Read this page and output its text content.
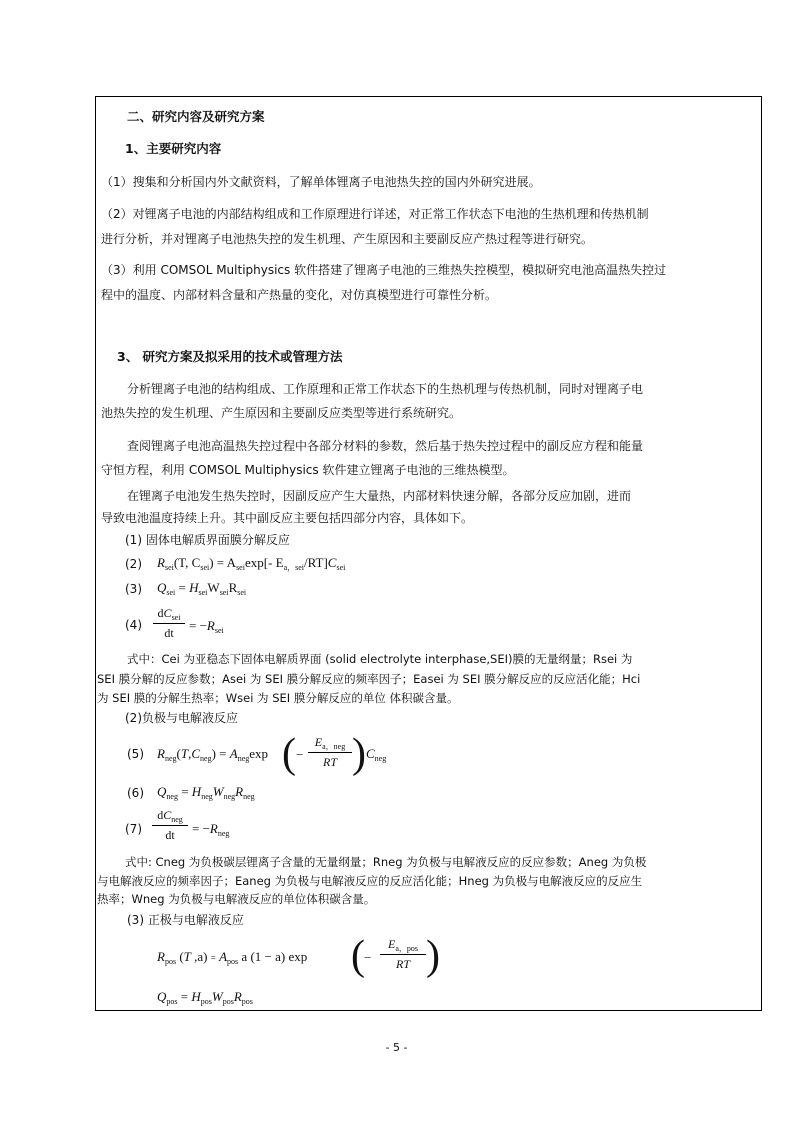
二、研究内容及研究方案
1、主要研究内容
（1）搜集和分析国内外文献资料，了解单体锂离子电池热失控的国内外研究进展。
（2）对锂离子电池的内部结构组成和工作原理进行详述，对正常工作状态下电池的生热机理和传热机制
进行分析，并对锂离子电池热失控的发生机理、产生原因和主要副反应产热过程等进行研究。
（3）利用 COMSOL Multiphysics 软件搭建了锂离子电池的三维热失控模型，模拟研究电池高温热失控过
程中的温度、内部材料含量和产热量的变化，对仿真模型进行可靠性分析。
3、 研究方案及拟采用的技术或管理方法
分析锂离子电池的结构组成、工作原理和正常工作状态下的生热机理与传热机制，同时对锂离子电
池热失控的发生机理、产生原因和主要副反应类型等进行系统研究。
查阅锂离子电池高温热失控过程中各部分材料的参数，然后基于热失控过程中的副反应方程和能量
守恒方程，利用 COMSOL Multiphysics 软件建立锂离子电池的三维热模型。
在锂离子电池发生热失控时，因副反应产生大量热，内部材料快速分解，各部分反应加剧，进而
导致电池温度持续上升。其中副反应主要包括四部分内容，具体如下。
(1) 固体电解质界面膜分解反应
(2) $R_{sei}(T$, $C_{sei}) = A_{sei}\exp[-$ $E_{a,sei}/RT]C_{sei}$
(3) $Q_{sei} = H_{sei}W_{sei}R_{sei}$
(4)
$dC_{sei}$
dt	= $-R_{sei}$
式中：Cei 为亚稳态下固体电解质界面 (solid electrolyte interphase,SEI)膜的无量纲量；Rsei 为
SEI 膜分解的反应参数；Asei 为 SEI 膜分解反应的频率因子；Easei 为 SEI 膜分解反应的反应活化能；Hci
为 SEI 膜的分解生热率；Wsei 为 SEI 膜分解反应的单位 体积碳含量。
(2)负极与电解液反应
(5) $R_{neg}(T,C_{neg}) = A_{neg}\exp$ ( −
$E_{a,neg}$
RT ) $C_{neg}$
(6) $Q_{neg} = H_{neg}W_{neg}R_{neg}$
(7)
$dC_{neg}$
dt	= $-R_{neg}$
式中: Cneg 为负极碳层锂离子含量的无量纲量；Rneg 为负极与电解液反应的反应参数；Aneg 为负极
与电解液反应的频率因子；Eaneg 为负极与电解液反应的反应活化能；Hneg 为负极与电解液反应的反应生
热率；Wneg 为负极与电解液反应的单位体积碳含量。
(3) 正极与电解液反应
$R_{pos}$ (T $,a) = A_{pos}$ a (1 − a) exp ( −
$E_{a,pos}$
RT )
$Q_{pos} = H_{pos}W_{pos}R_{pos}$
- 5 -
